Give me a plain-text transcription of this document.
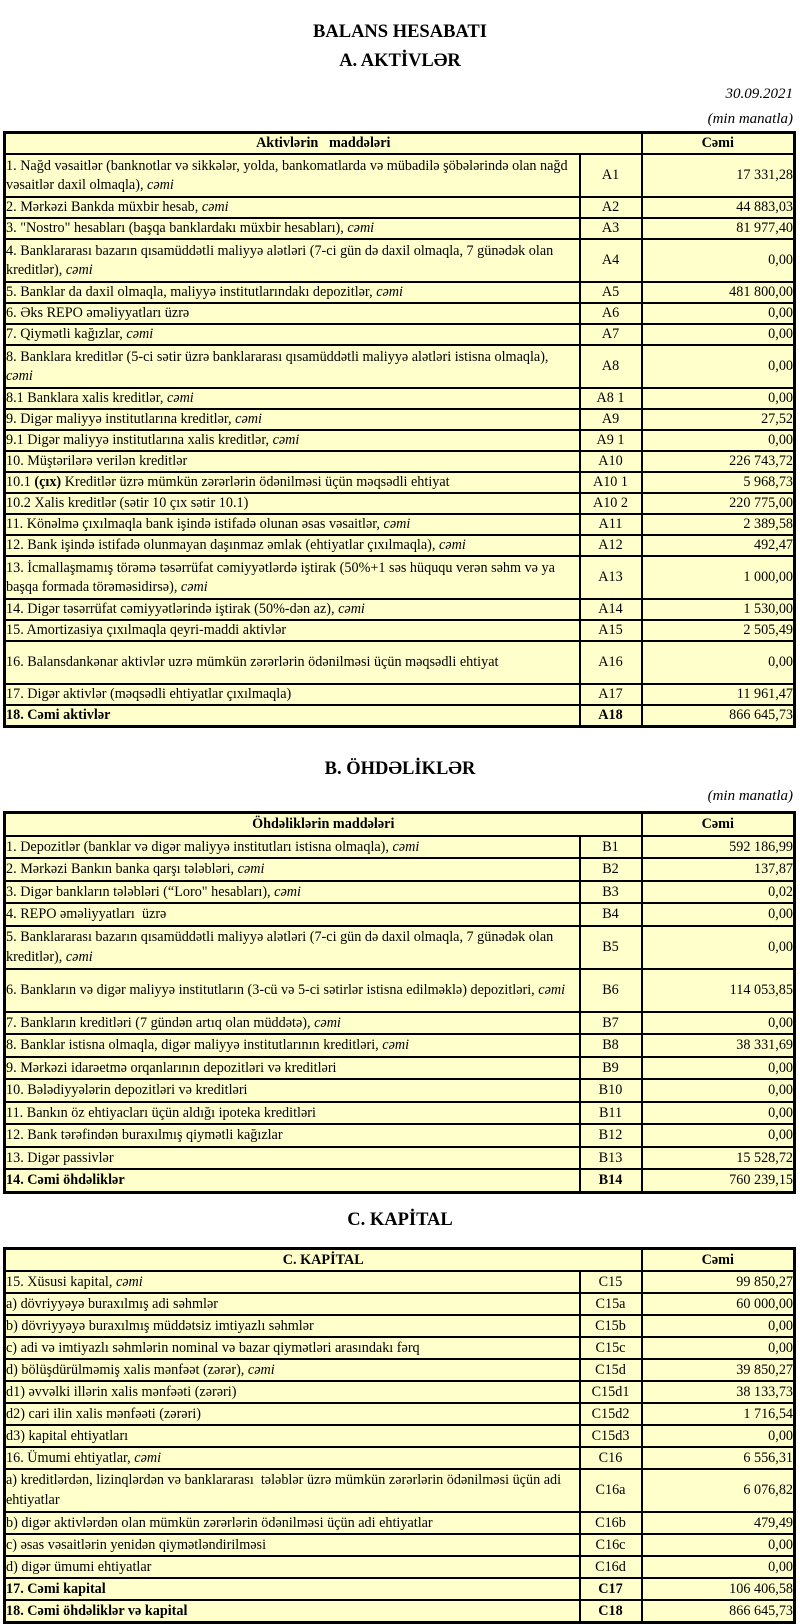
BALANS HESABATI
A. AKTİVLƏR
30.09.2021
(min manatla)
Aktivlərin   maddələri		Cəmi
1. Nağd vəsaitlər (banknotlar və sikkələr, yolda, bankomatlarda və mübadilə şöbələrində olan nağd vəsaitlər daxil olmaqla), cəmi	A1	17 331,28
2. Mərkəzi Bankda müxbir hesab, cəmi	A2	44 883,03
3. "Nostro" hesabları (başqa banklardakı müxbir hesabları), cəmi	A3	81 977,40
4. Banklararası bazarın qısamüddətli maliyyə alətləri (7-ci gün də daxil olmaqla, 7 günədək olan kreditlər), cəmi	A4	0,00
5. Banklar da daxil olmaqla, maliyyə institutlarındakı depozitlər, cəmi	A5	481 800,00
6. Əks REPO əməliyyatları üzrə	A6	0,00
7. Qiymətli kağızlar, cəmi	A7	0,00
8. Banklara kreditlər (5-ci sətir üzrə banklararası qısamüddətli maliyyə alətləri istisna olmaqla), cəmi	A8	0,00
8.1 Banklara xalis kreditlər, cəmi	A8 1	0,00
9. Digər maliyyə institutlarına kreditlər, cəmi	A9	27,52
9.1 Digər maliyyə institutlarına xalis kreditlər, cəmi	A9 1	0,00
10. Müştərilərə verilən kreditlər	A10	226 743,72
10.1 (çıx) Kreditlər üzrə mümkün zərərlərin ödənilməsi üçün məqsədli ehtiyat	A10 1	5 968,73
10.2 Xalis kreditlər (sətir 10 çıx sətir 10.1)	A10 2	220 775,00
11. Könəlmə çıxılmaqla bank işində istifadə olunan əsas vəsaitlər, cəmi	A11	2 389,58
12. Bank işində istifadə olunmayan daşınmaz əmlak (ehtiyatlar çıxılmaqla), cəmi	A12	492,47
13. İcmallaşmamış törəmə təsərrüfat cəmiyyətlərdə iştirak (50%+1 səs hüququ verən səhm və ya başqa formada törəməsidirsə), cəmi	A13	1 000,00
14. Digər təsərrüfat cəmiyyətlərində iştirak (50%-dən az), cəmi	A14	1 530,00
15. Amortizasiya çıxılmaqla qeyri-maddi aktivlər	A15	2 505,49
16. Balansdankənar aktivlər uzrə mümkün zərərlərin ödənilməsi üçün məqsədli ehtiyat	A16	0,00
17. Digər aktivlər (məqsədli ehtiyatlar çıxılmaqla)	A17	11 961,47
18. Cəmi aktivlər	A18	866 645,73
B. ÖHDƏLİKLƏR
(min manatla)
Öhdəliklərin maddələri		Cəmi
1. Depozitlər (banklar və digər maliyyə institutları istisna olmaqla), cəmi	B1	592 186,99
2. Mərkəzi Bankın banka qarşı tələbləri, cəmi	B2	137,87
3. Digər bankların tələbləri (“Loro" hesabları), cəmi	B3	0,02
4. REPO əməliyyatları  üzrə	B4	0,00
5. Banklararası bazarın qısamüddətli maliyyə alətləri (7-ci gün də daxil olmaqla, 7 günədək olan kreditlər), cəmi	B5	0,00
6. Bankların və digər maliyyə institutların (3-cü və 5-ci sətirlər istisna edilməklə) depozitləri, cəmi	B6	114 053,85
7. Bankların kreditləri (7 gündən artıq olan müddətə), cəmi	B7	0,00
8. Banklar istisna olmaqla, digər maliyyə institutlarının kreditləri, cəmi	B8	38 331,69
9. Mərkəzi idarəetmə orqanlarının depozitləri və kreditləri	B9	0,00
10. Bələdiyyələrin depozitləri və kreditləri	B10	0,00
11. Bankın öz ehtiyacları üçün aldığı ipoteka kreditləri	B11	0,00
12. Bank tərəfindən buraxılmış qiymətli kağızlar	B12	0,00
13. Digər passivlər	B13	15 528,72
14. Cəmi öhdəliklər	B14	760 239,15
C. KAPİTAL
C. KAPİTAL		Cəmi
15. Xüsusi kapital, cəmi	C15	99 850,27
a) dövriyyəyə buraxılmış adi səhmlər	C15a	60 000,00
b) dövriyyəyə buraxılmış müddətsiz imtiyazlı səhmlər	C15b	0,00
c) adi və imtiyazlı səhmlərin nominal və bazar qiymətləri arasındakı fərq	C15c	0,00
d) bölüşdürülməmiş xalis mənfəət (zərər), cəmi	C15d	39 850,27
d1) əvvəlki illərin xalis mənfəəti (zərəri)	C15d1	38 133,73
d2) cari ilin xalis mənfəəti (zərəri)	C15d2	1 716,54
d3) kapital ehtiyatları	C15d3	0,00
16. Ümumi ehtiyatlar, cəmi	C16	6 556,31
a) kreditlərdən, lizinqlərdən və banklararası  tələblər üzrə mümkün zərərlərin ödənilməsi üçün adi ehtiyatlar	C16a	6 076,82
b) digər aktivlərdən olan mümkün zərərlərin ödənilməsi üçün adi ehtiyatlar	C16b	479,49
c) əsas vəsaitlərin yenidən qiymətləndirilməsi	C16c	0,00
d) digər ümumi ehtiyatlar	C16d	0,00
17. Cəmi kapital	C17	106 406,58
18. Cəmi öhdəliklər və kapital	C18	866 645,73
